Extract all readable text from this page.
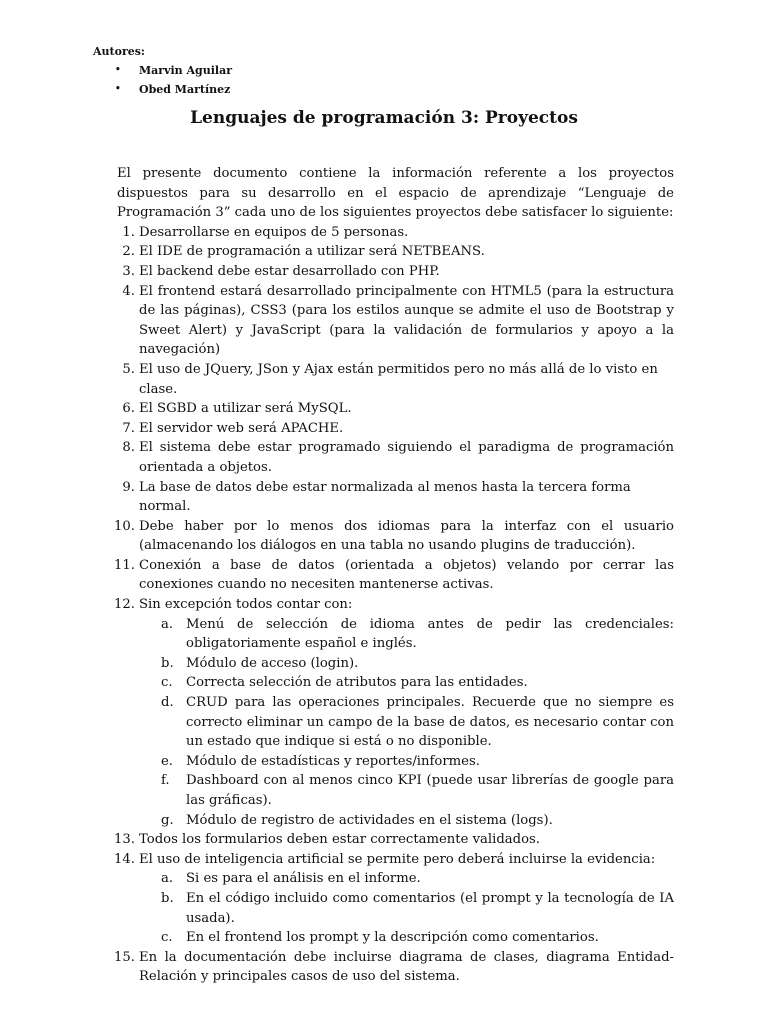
Autores:
• Marvin Aguilar
• Obed Martínez
Lenguajes de programación 3: Proyectos

El presente documento contiene la información referente a los proyectos dispuestos para su desarrollo en el espacio de aprendizaje “Lenguaje de Programación 3” cada uno de los siguientes proyectos debe satisfacer lo siguiente:

1. Desarrollarse en equipos de 5 personas.
2. El IDE de programación a utilizar será NETBEANS.
3. El backend debe estar desarrollado con PHP.
4. El frontend estará desarrollado principalmente con HTML5 (para la estructura de las páginas), CSS3 (para los estilos aunque se admite el uso de Bootstrap y Sweet Alert) y JavaScript (para la validación de formularios y apoyo a la navegación)
5. El uso de JQuery, JSon y Ajax están permitidos pero no más allá de lo visto en clase.
6. El SGBD a utilizar será MySQL.
7. El servidor web será APACHE.
8. El sistema debe estar programado siguiendo el paradigma de programación orientada a objetos.
9. La base de datos debe estar normalizada al menos hasta la tercera forma normal.
10. Debe haber por lo menos dos idiomas para la interfaz con el usuario (almacenando los diálogos en una tabla no usando plugins de traducción).
11. Conexión a base de datos (orientada a objetos) velando por cerrar las conexiones cuando no necesiten mantenerse activas.
12. Sin excepción todos contar con:
a. Menú de selección de idioma antes de pedir las credenciales: obligatoriamente español e inglés.
b. Módulo de acceso (login).
c. Correcta selección de atributos para las entidades.
d. CRUD para las operaciones principales. Recuerde que no siempre es correcto eliminar un campo de la base de datos, es necesario contar con un estado que indique si está o no disponible.
e. Módulo de estadísticas y reportes/informes.
f. Dashboard con al menos cinco KPI (puede usar librerías de google para las gráficas).
g. Módulo de registro de actividades en el sistema (logs).
13. Todos los formularios deben estar correctamente validados.
14. El uso de inteligencia artificial se permite pero deberá incluirse la evidencia:
a. Si es para el análisis en el informe.
b. En el código incluido como comentarios (el prompt y la tecnología de IA usada).
c. En el frontend los prompt y la descripción como comentarios.
15. En la documentación debe incluirse diagrama de clases, diagrama Entidad-Relación y principales casos de uso del sistema.
